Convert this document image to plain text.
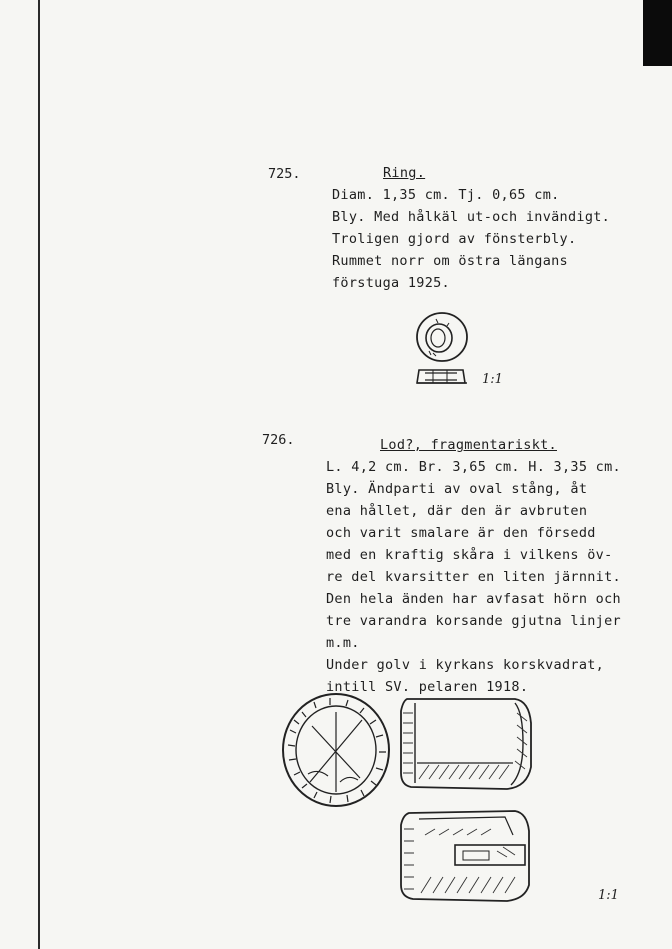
725.	Ring.
Diam. 1,35 cm. Tj. 0,65 cm.
Bly. Med hålkäl ut-och invändigt.
Troligen gjord av fönsterbly.
Rummet norr om östra längans
förstuga 1925.
1:1
726.	Lod?, fragmentariskt.
L. 4,2 cm. Br. 3,65 cm. H. 3,35 cm.
Bly. Ändparti av oval stång, åt
ena hållet, där den är avbruten
och varit smalare är den försedd
med en kraftig skåra i vilkens öv-
re del kvarsitter en liten järnnit.
Den hela änden har avfasat hörn och
tre varandra korsande gjutna linjer
m.m.
Under golv i kyrkans korskvadrat,
intill SV. pelaren 1918.
1:1
